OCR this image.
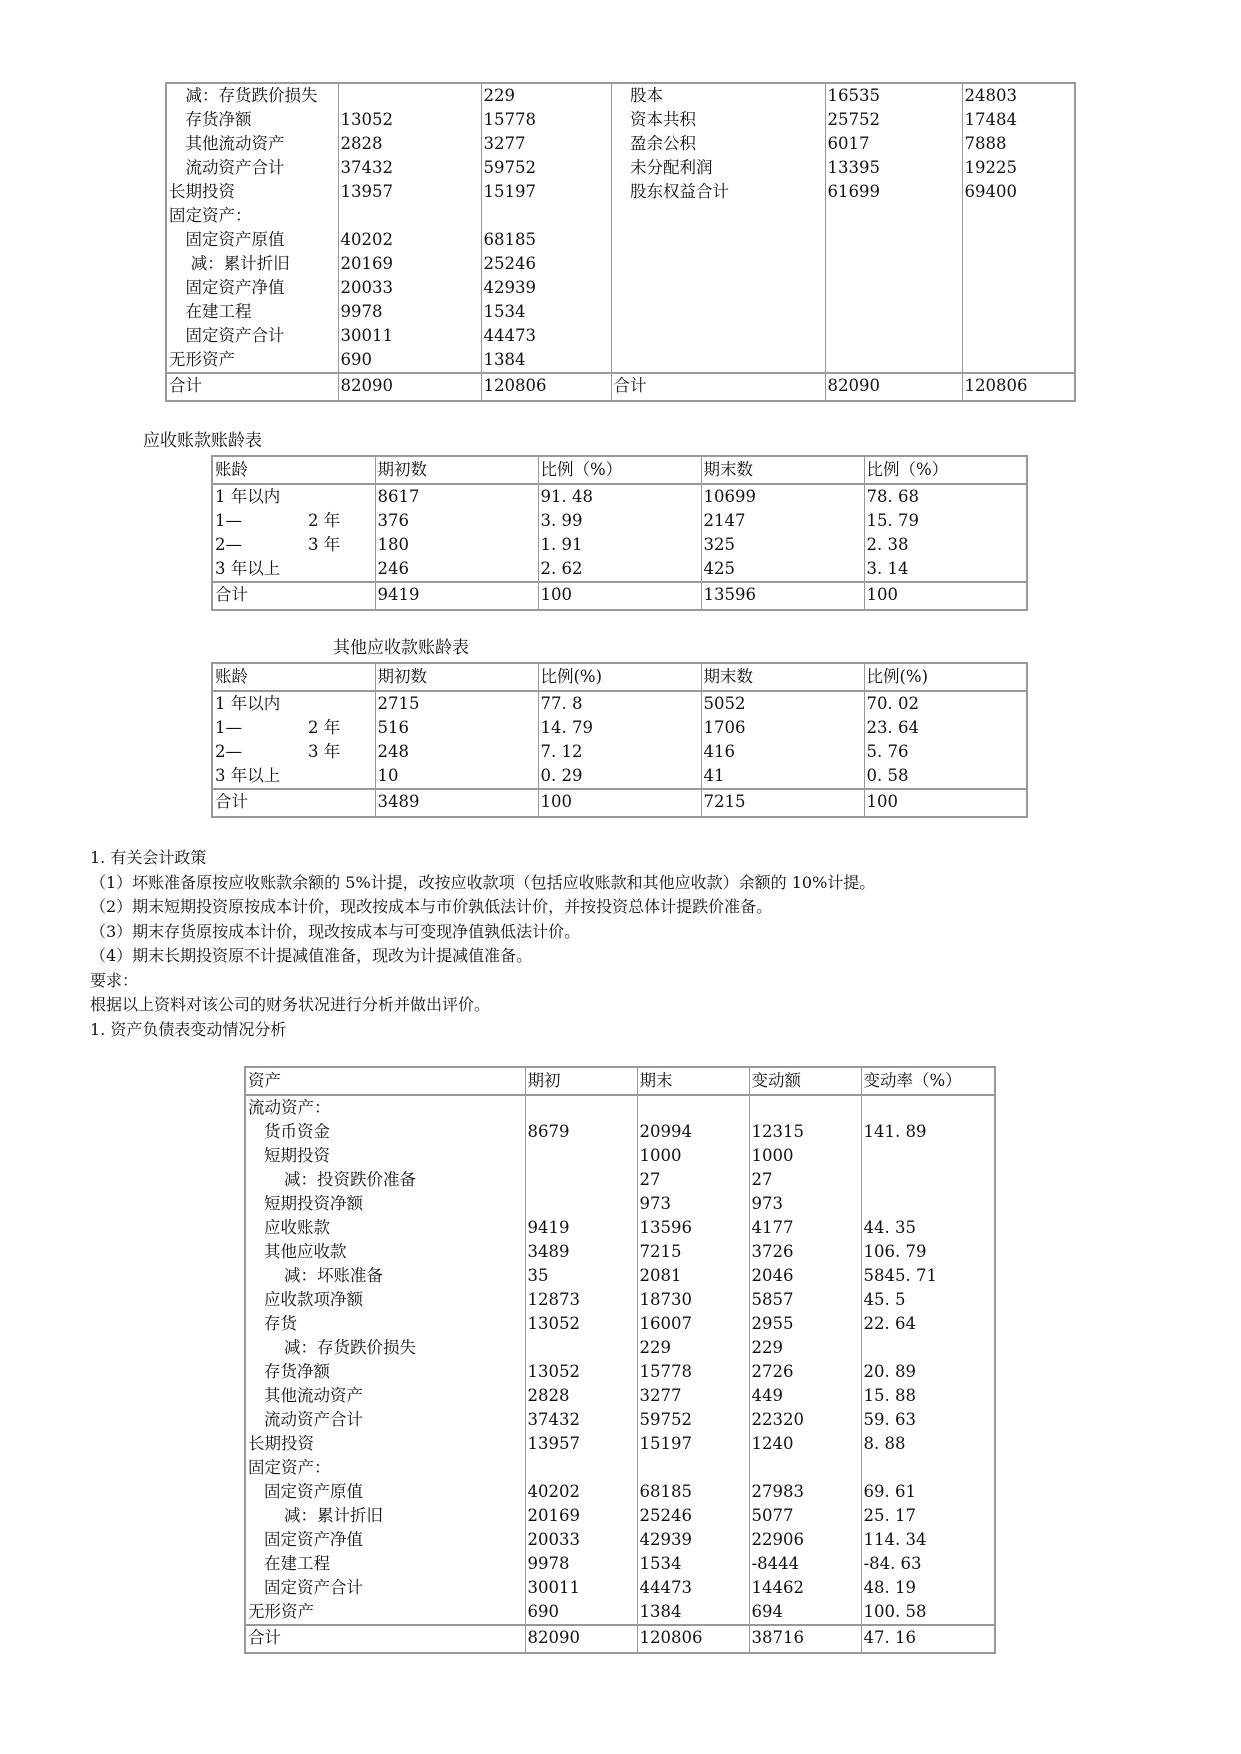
　减：存货跌价损失		229	　股本	16535	24803
　存货净额	13052	15778	　资本共积	25752	17484
　其他流动资产	2828	3277	　盈余公积	6017	7888
　流动资产合计	37432	59752	　未分配利润	13395	19225
长期投资	13957	15197	　股东权益合计	61699	69400
固定资产：					
　固定资产原值	40202	68185			
　 减：累计折旧	20169	25246			
　固定资产净值	20033	42939			
　在建工程	9978	1534			
　固定资产合计	30011	44473			
无形资产	690	1384			
合计	82090	120806	合计	82090	120806
应收账款账龄表
账龄	期初数	比例（%）	期末数	比例（%）
1 年以内	8617	91. 48	10699	78. 68
1—　　　　2 年	376	3. 99	2147	15. 79
2—　　　　3 年	180	1. 91	325	2. 38
3 年以上	246	2. 62	425	3. 14
合计	9419	100	13596	100
其他应收款账龄表
账龄	期初数	比例(%)	期末数	比例(%)
1 年以内	2715	77. 8	5052	70. 02
1—　　　　2 年	516	14. 79	1706	23. 64
2—　　　　3 年	248	7. 12	416	5. 76
3 年以上	10	0. 29	41	0. 58
合计	3489	100	7215	100
1. 有关会计政策
（1）坏账准备原按应收账款余额的 5%计提，改按应收款项（包括应收账款和其他应收款）余额的 10%计提。
（2）期末短期投资原按成本计价，现改按成本与市价孰低法计价，并按投资总体计提跌价准备。
（3）期末存货原按成本计价，现改按成本与可变现净值孰低法计价。
（4）期末长期投资原不计提减值准备，现改为计提减值准备。
要求：
根据以上资料对该公司的财务状况进行分析并做出评价。
1. 资产负债表变动情况分析
资产	期初	期末	变动额	变动率（%）
流动资产：				
货币资金	8679	20994	12315	141. 89
短期投资		1000	1000	
减：投资跌价准备		27	27	
短期投资净额		973	973	
应收账款	9419	13596	4177	44. 35
其他应收款	3489	7215	3726	106. 79
减：坏账准备	35	2081	2046	5845. 71
应收款项净额	12873	18730	5857	45. 5
存货	13052	16007	2955	22. 64
减：存货跌价损失		229	229	
存货净额	13052	15778	2726	20. 89
其他流动资产	2828	3277	449	15. 88
流动资产合计	37432	59752	22320	59. 63
长期投资	13957	15197	1240	8. 88
固定资产：				
固定资产原值	40202	68185	27983	69. 61
减：累计折旧	20169	25246	5077	25. 17
固定资产净值	20033	42939	22906	114. 34
在建工程	9978	1534	-8444	-84. 63
固定资产合计	30011	44473	14462	48. 19
无形资产	690	1384	694	100. 58
合计	82090	120806	38716	47. 16
